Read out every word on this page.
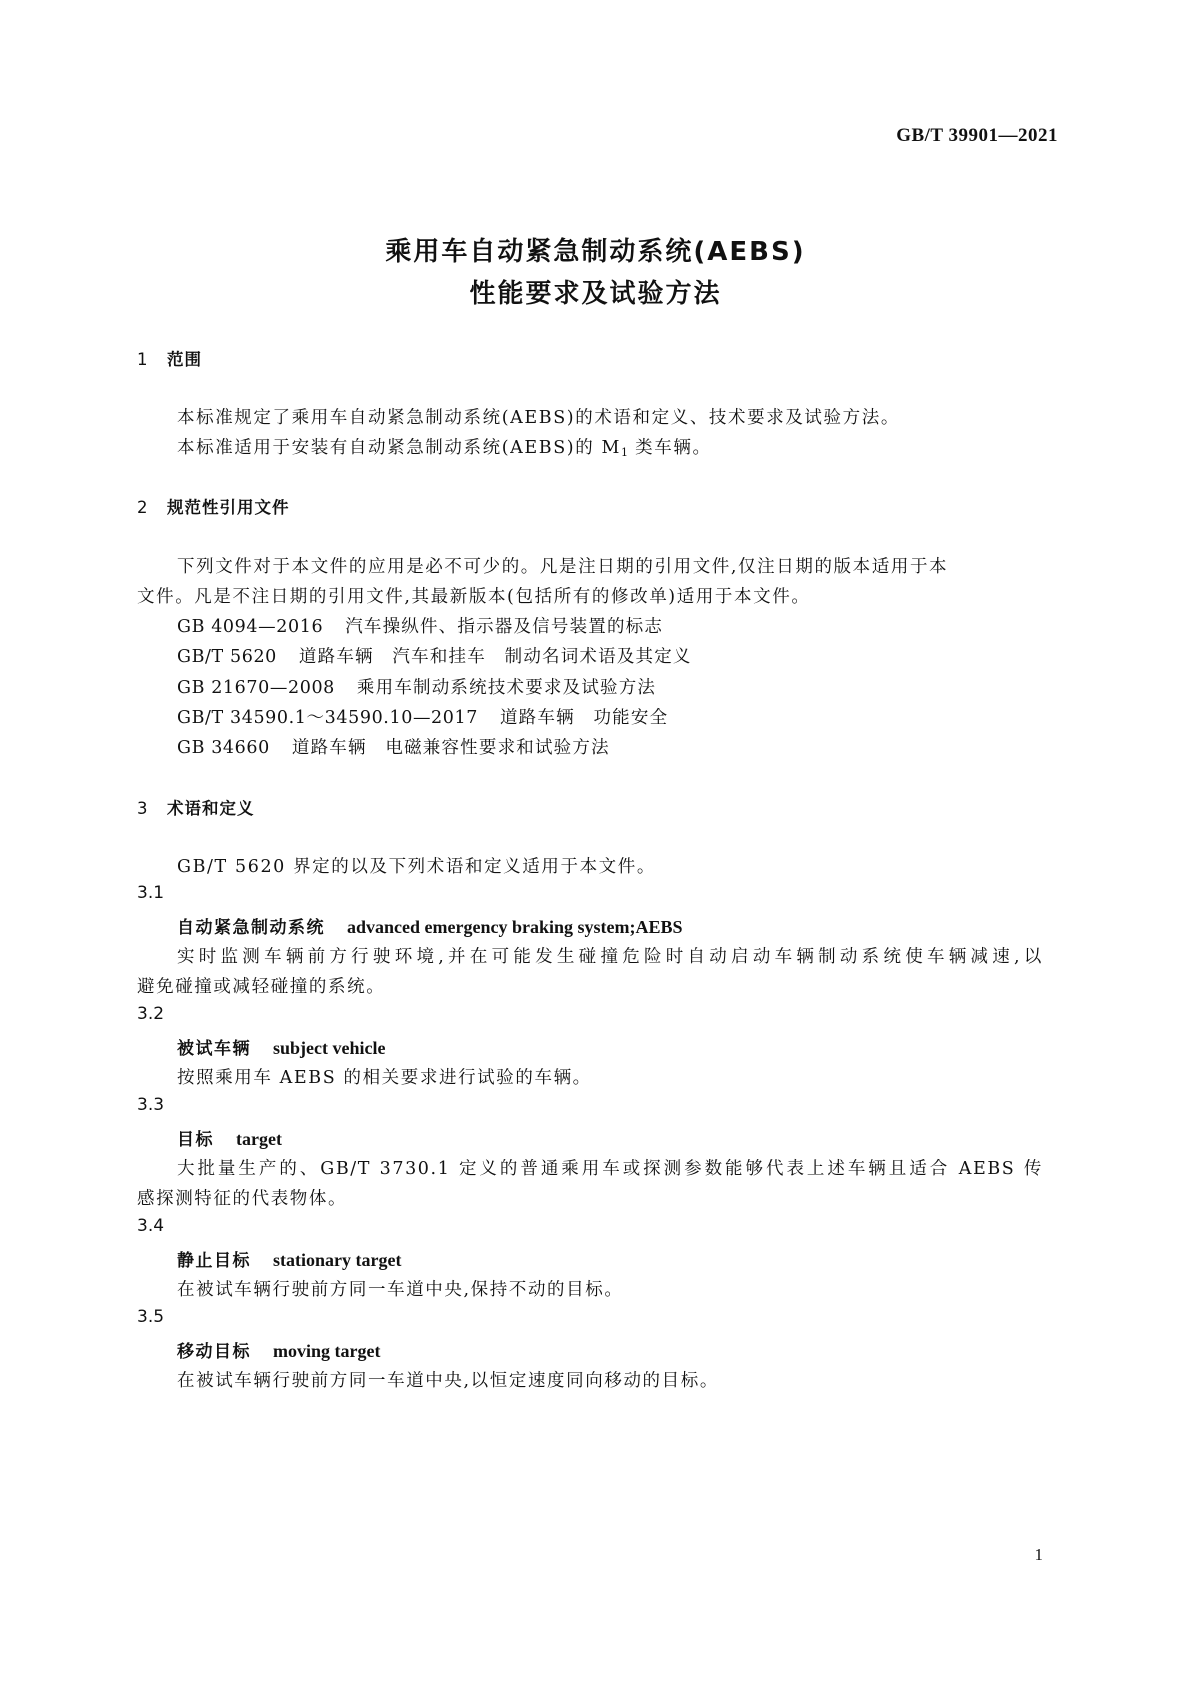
GB/T 39901—2021
乘用车自动紧急制动系统(AEBS)
性能要求及试验方法
1 范围
本标准规定了乘用车自动紧急制动系统(AEBS)的术语和定义、技术要求及试验方法。
本标准适用于安装有自动紧急制动系统(AEBS)的 $M_1$ 类车辆。
2 规范性引用文件
下列文件对于本文件的应用是必不可少的。凡是注日期的引用文件,仅注日期的版本适用于本
文件。凡是不注日期的引用文件,其最新版本(包括所有的修改单)适用于本文件。
GB 4094—2016 汽车操纵件、指示器及信号装置的标志
GB/T 5620 道路车辆　汽车和挂车　制动名词术语及其定义
GB 21670—2008 乘用车制动系统技术要求及试验方法
GB/T 34590.1～34590.10—2017 道路车辆　功能安全
GB 34660 道路车辆　电磁兼容性要求和试验方法
3 术语和定义
GB/T 5620 界定的以及下列术语和定义适用于本文件。
3.1
自动紧急制动系统 advanced emergency braking system;AEBS
实时监测车辆前方行驶环境,并在可能发生碰撞危险时自动启动车辆制动系统使车辆减速,以
避免碰撞或减轻碰撞的系统。
3.2
被试车辆 subject vehicle
按照乘用车 AEBS 的相关要求进行试验的车辆。
3.3
目标 target
大批量生产的、GB/T 3730.1 定义的普通乘用车或探测参数能够代表上述车辆且适合 AEBS 传
感探测特征的代表物体。
3.4
静止目标 stationary target
在被试车辆行驶前方同一车道中央,保持不动的目标。
3.5
移动目标 moving target
在被试车辆行驶前方同一车道中央,以恒定速度同向移动的目标。
1
